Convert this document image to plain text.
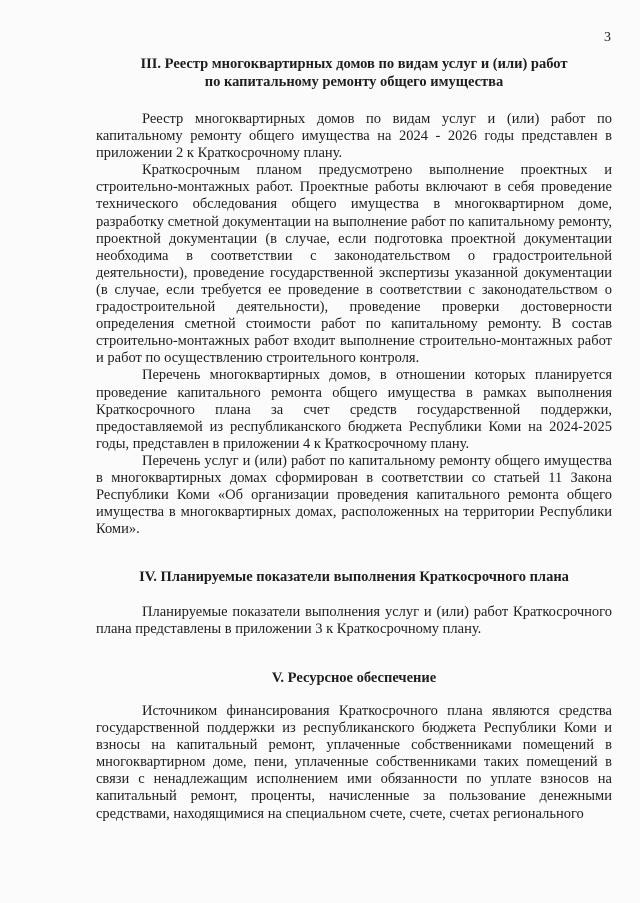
3
III. Реестр многоквартирных домов по видам услуг и (или) работ
по капитальному ремонту общего имущества

Реестр многоквартирных домов по видам услуг и (или) работ по капитальному ремонту общего имущества на 2024 - 2026 годы представлен в приложении 2 к Краткосрочному плану.

Краткосрочным планом предусмотрено выполнение проектных и строительно-монтажных работ. Проектные работы включают в себя проведение технического обследования общего имущества в многоквартирном доме, разработку сметной документации на выполнение работ по капитальному ремонту, проектной документации (в случае, если подготовка проектной документации необходима в соответствии с законодательством о градостроительной деятельности), проведение государственной экспертизы указанной документации (в случае, если требуется ее проведение в соответствии с законодательством о градостроительной деятельности), проведение проверки достоверности определения сметной стоимости работ по капитальному ремонту. В состав строительно-монтажных работ входит выполнение строительно-монтажных работ и работ по осуществлению строительного контроля.

Перечень многоквартирных домов, в отношении которых планируется проведение капитального ремонта общего имущества в рамках выполнения Краткосрочного плана за счет средств государственной поддержки, предоставляемой из республиканского бюджета Республики Коми на 2024-2025 годы, представлен в приложении 4 к Краткосрочному плану.

Перечень услуг и (или) работ по капитальному ремонту общего имущества в многоквартирных домах сформирован в соответствии со статьей 11 Закона Республики Коми «Об организации проведения капитального ремонта общего имущества в многоквартирных домах, расположенных на территории Республики Коми».

IV. Планируемые показатели выполнения Краткосрочного плана

Планируемые показатели выполнения услуг и (или) работ Краткосрочного плана представлены в приложении 3 к Краткосрочному плану.

V. Ресурсное обеспечение

Источником финансирования Краткосрочного плана являются средства государственной поддержки из республиканского бюджета Республики Коми и взносы на капитальный ремонт, уплаченные собственниками помещений в многоквартирном доме, пени, уплаченные собственниками таких помещений в связи с ненадлежащим исполнением ими обязанности по уплате взносов на капитальный ремонт, проценты, начисленные за пользование денежными средствами, находящимися на специальном счете, счете, счетах регионального
